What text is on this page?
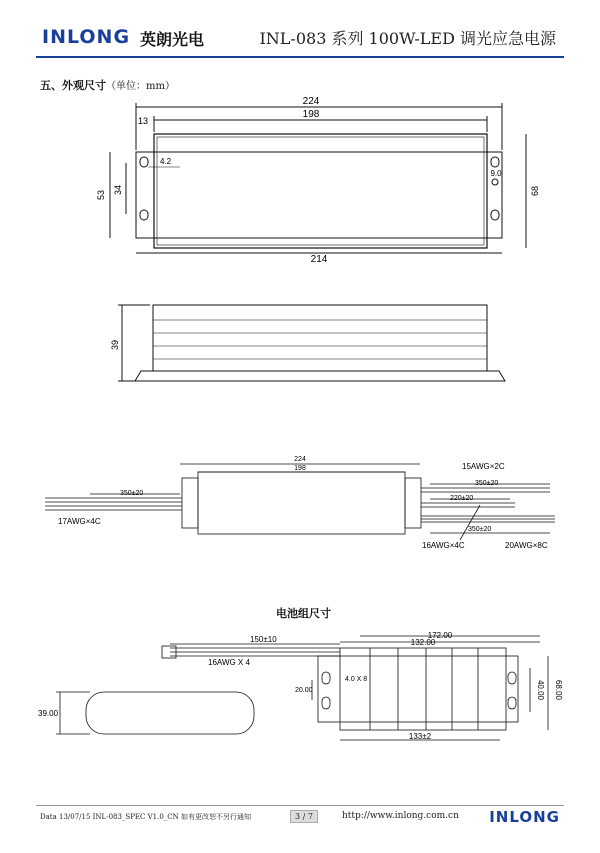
INLONG 英朗光电	INL-083 系列 100W-LED 调光应急电源
五、外观尺寸（单位：mm）
224
198
13
4.2
53 34
9.0
68
214
39
224
198
350±20
17AWG×4C
15AWG×2C
350±20
220±20
350±20
16AWG×4C	20AWG×8C
150±10
16AWG X 4
172.00
132.00
4.0 X 8
20.00	40.00 68.00
133±2
39.00
电池组尺寸
Data 13/07/15 INL-083_SPEC V1.0_CN 如有更改恕不另行通知	3 / 7	http://www.inlong.com.cn INLONG
